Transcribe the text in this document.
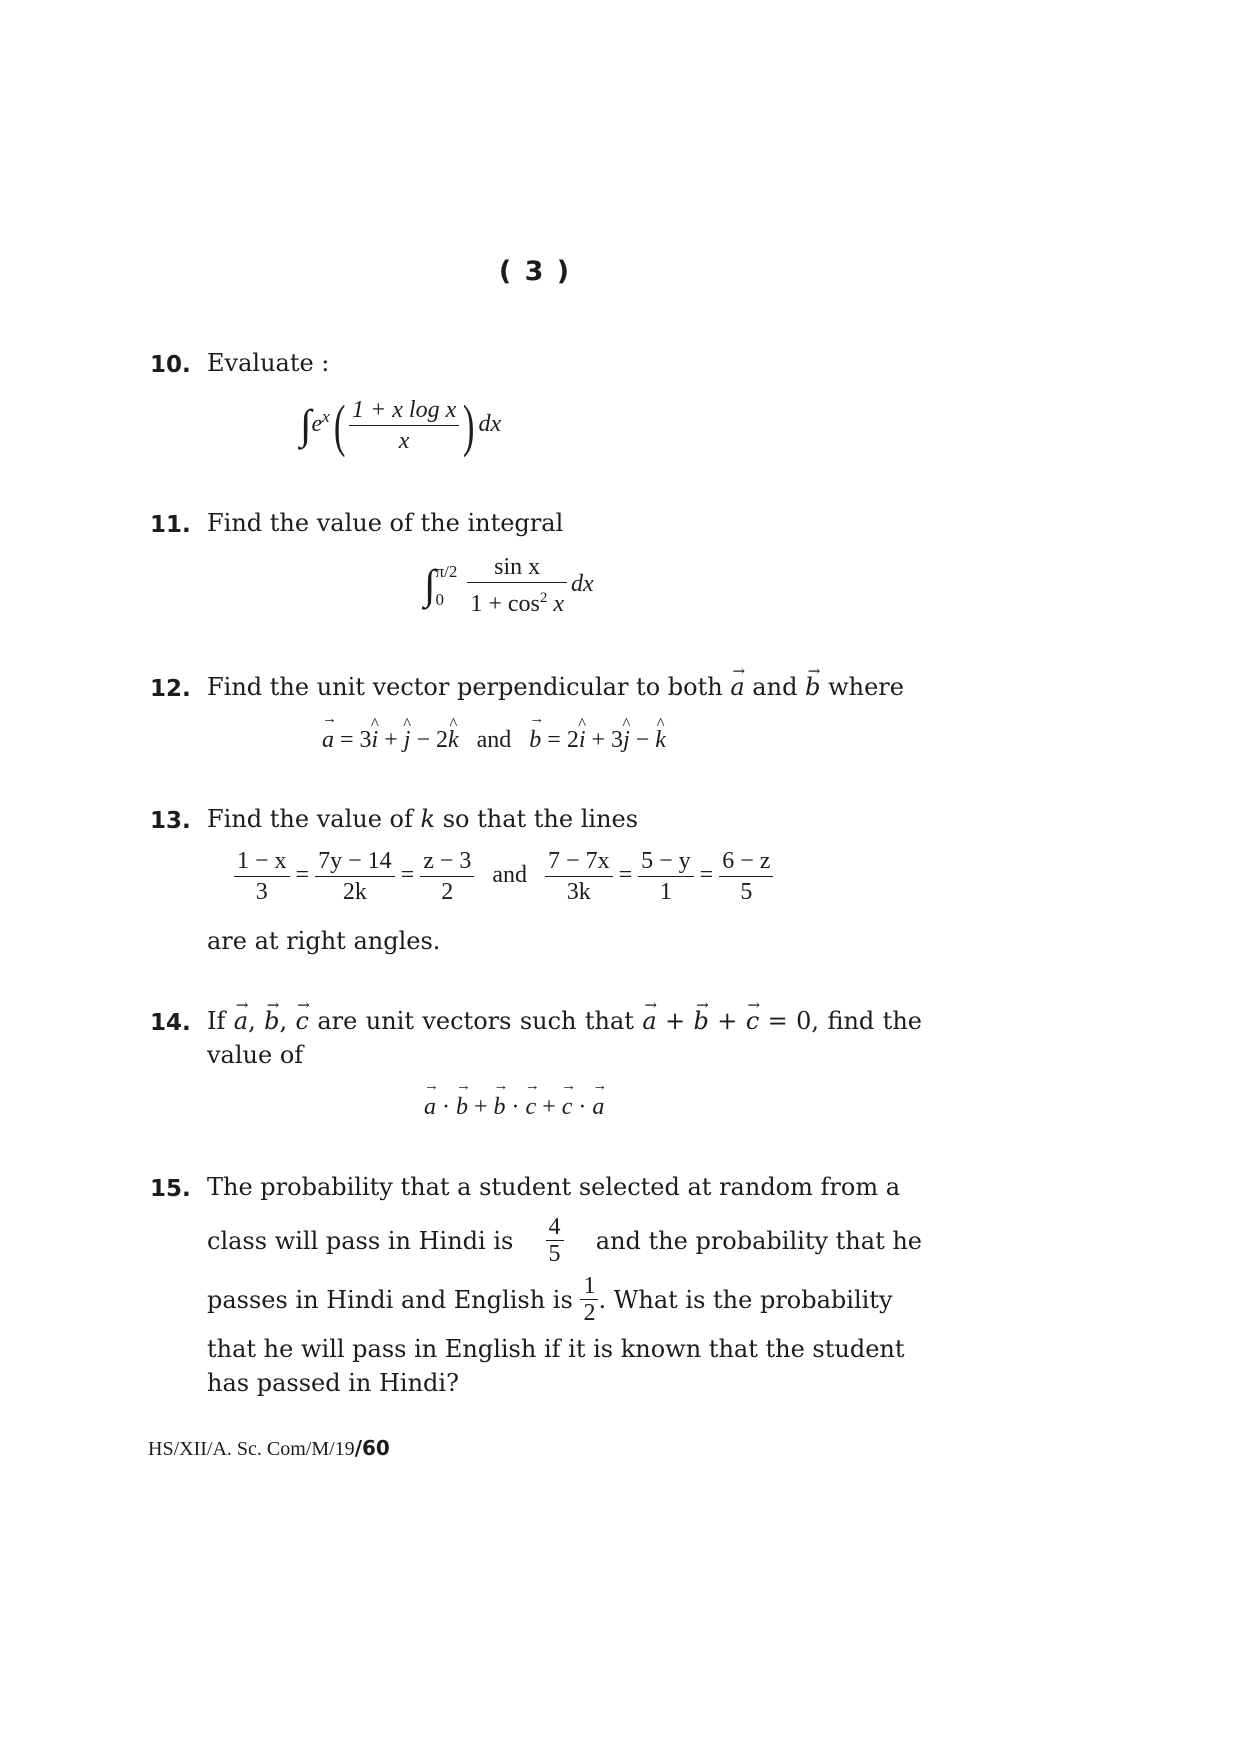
( 3 )
10. Evaluate :
$\int e^x( \frac{\text{1 + x log x}}{x}$ ) dx
11. Find the value of the integral
∫ π/2
$0 \frac{\text{sin x}}{1 + \cos^2 x}$ dx
12. Find the unit vector perpendicular to both → a and → b where
→ a = 3^ i + ^ j − 2^ k and → b = 2^ i + 3^ j − ^ k
13. Find the value of k so that the lines
$\frac{1 - x}{3} = \frac{7y - 14}{2k} = \frac{z - 3}{2}$ and $\frac{7 - 7x}{3k} = \frac{5 - y}{1} = \frac{6 - z}{5}$
are at right angles.
14. If → a, → b, → c are unit vectors such that → a + → b + → c = 0, find the value of
→ a · → b + → b · → c + → c · → a
15. The probability that a student selected at random from a
class will pass in Hindi is $\frac{4}{5}$ and the probability that he
passes in Hindi and English is
$\frac{1}{2}$ . What is the probability
that he will pass in English if it is known that the student
has passed in Hindi?
HS/XII/A. Sc. Com/M/19/60
